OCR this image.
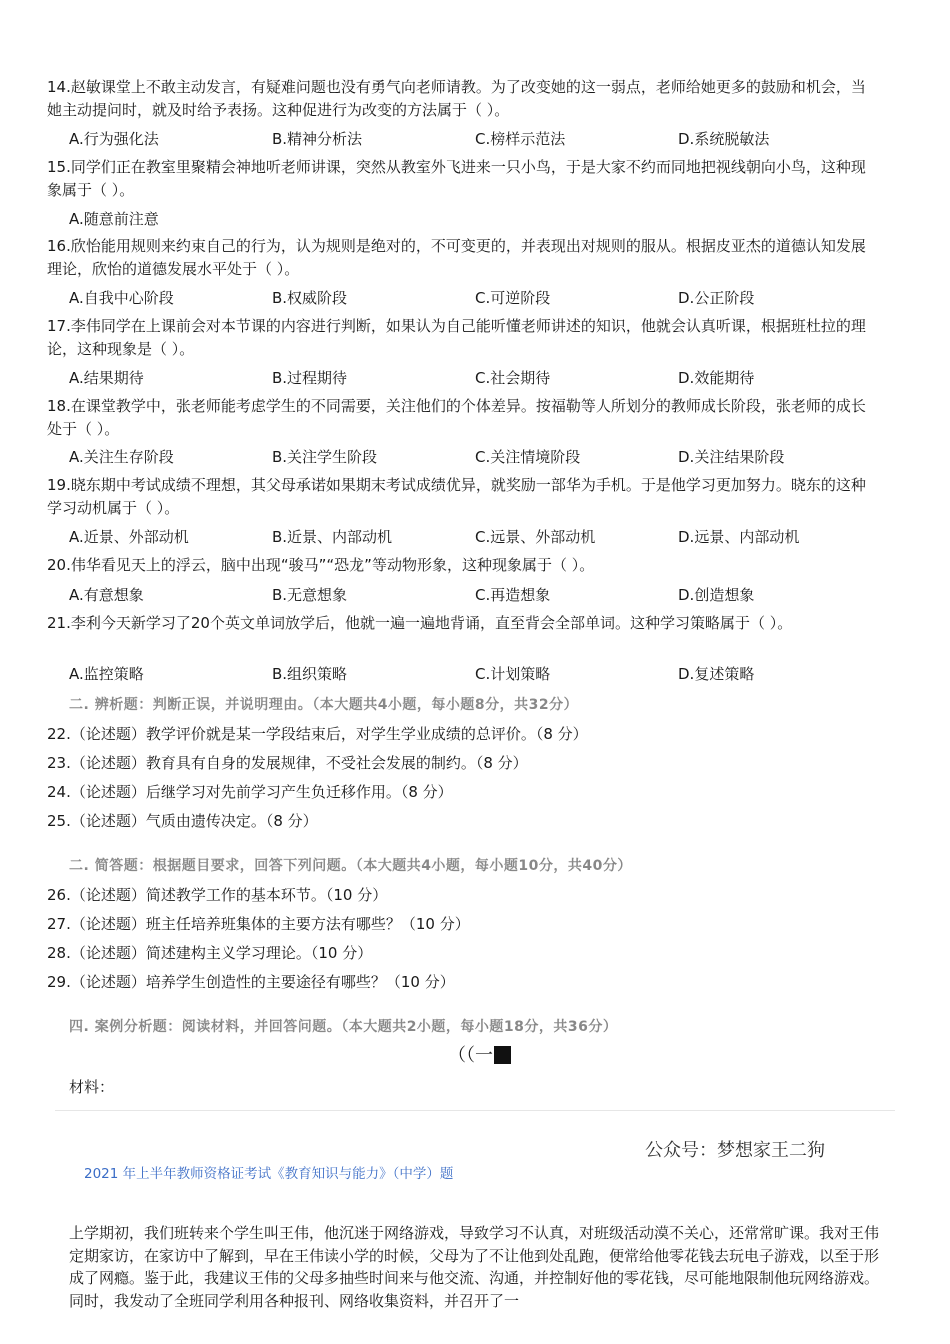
14.赵敏课堂上不敢主动发言，有疑难问题也没有勇气向老师请教。为了改变她的这一弱点，老师给她更多的鼓励和机会，当她主动提问时，就及时给予表扬。这种促进行为改变的方法属于（ ）。
A.行为强化法	B.精神分析法	C.榜样示范法	D.系统脱敏法
15.同学们正在教室里聚精会神地听老师讲课，突然从教室外飞进来一只小鸟，于是大家不约而同地把视线朝向小鸟，这种现象属于（ ）。
A.随意前注意
16.欣怡能用规则来约束自己的行为，认为规则是绝对的，不可变更的，并表现出对规则的服从。根据皮亚杰的道德认知发展理论，欣怡的道德发展水平处于（ ）。
A.自我中心阶段	B.权威阶段	C.可逆阶段	D.公正阶段
17.李伟同学在上课前会对本节课的内容进行判断，如果认为自己能听懂老师讲述的知识，他就会认真听课，根据班杜拉的理论，这种现象是（ ）。
A.结果期待	B.过程期待	C.社会期待	D.效能期待
18.在课堂教学中，张老师能考虑学生的不同需要，关注他们的个体差异。按福勒等人所划分的教师成长阶段，张老师的成长处于（ ）。
A.关注生存阶段	B.关注学生阶段	C.关注情境阶段	D.关注结果阶段
19.晓东期中考试成绩不理想，其父母承诺如果期末考试成绩优异，就奖励一部华为手机。于是他学习更加努力。晓东的这种学习动机属于（ ）。
A.近景、外部动机	B.近景、内部动机	C.远景、外部动机	D.远景、内部动机
20.伟华看见天上的浮云，脑中出现“骏马”“恐龙”等动物形象，这种现象属于（ ）。
A.有意想象	B.无意想象	C.再造想象	D.创造想象
21.李利今天新学习了20个英文单词放学后，他就一遍一遍地背诵，直至背会全部单词。这种学习策略属于（ ）。
A.监控策略	B.组织策略	C.计划策略	D.复述策略
二. 辨析题：判断正误，并说明理由。（本大题共4小题，每小题8分，共32分）
22.（论述题）教学评价就是某一学段结束后，对学生学业成绩的总评价。（8 分）
23.（论述题）教育具有自身的发展规律，不受社会发展的制约。（8 分）
24.（论述题）后继学习对先前学习产生负迁移作用。（8 分）
25.（论述题）气质由遗传决定。（8 分）
二. 简答题：根据题目要求，回答下列问题。（本大题共4小题，每小题10分，共40分）
26.（论述题）简述教学工作的基本环节。（10 分）
27.（论述题）班主任培养班集体的主要方法有哪些？（10 分）
28.（论述题）简述建构主义学习理论。（10 分）
29.（论述题）培养学生创造性的主要途径有哪些？（10 分）
四. 案例分析题：阅读材料，并回答问题。（本大题共2小题，每小题18分，共36分）
（（一
材料：
公众号：梦想家王二狗
2021 年上半年教师资格证考试《教育知识与能力》（中学）题
上学期初，我们班转来个学生叫王伟，他沉迷于网络游戏，导致学习不认真，对班级活动漠不关心，还常常旷课。我对王伟定期家访，在家访中了解到，早在王伟读小学的时候，父母为了不让他到处乱跑，便常给他零花钱去玩电子游戏，以至于形成了网瘾。鉴于此，我建议王伟的父母多抽些时间来与他交流、沟通，并控制好他的零花钱，尽可能地限制他玩网络游戏。同时，我发动了全班同学利用各种报刊、网络收集资料，并召开了一
